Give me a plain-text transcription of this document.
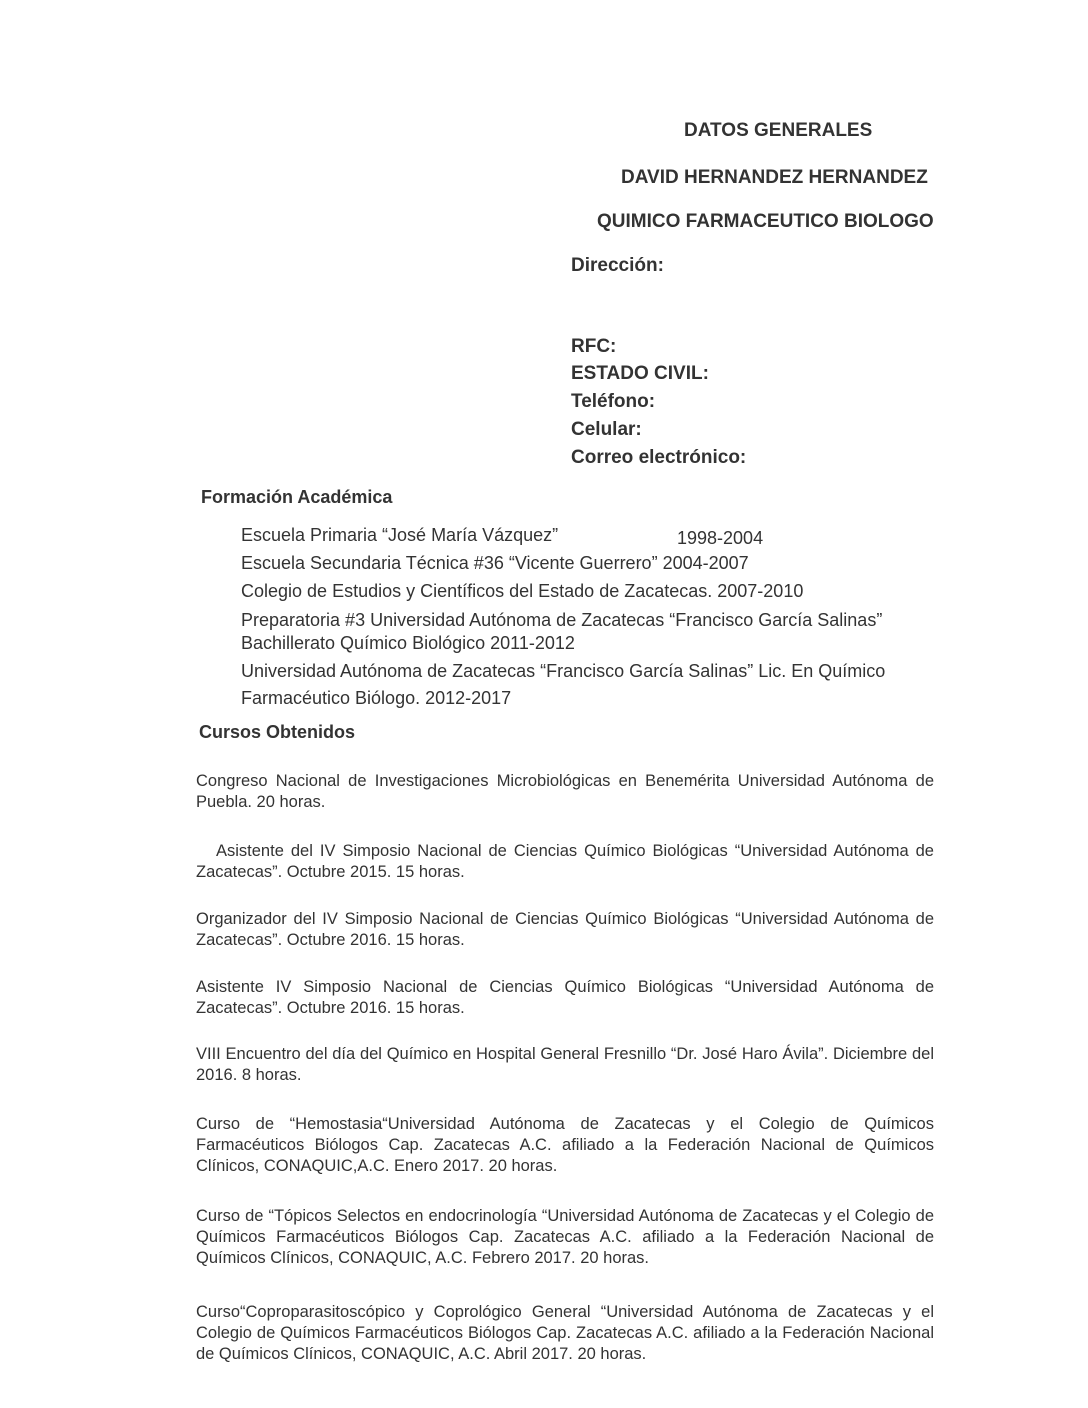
DATOS GENERALES
DAVID HERNANDEZ HERNANDEZ
QUIMICO FARMACEUTICO BIOLOGO
Dirección:
RFC:
ESTADO CIVIL:
Teléfono:
Celular:
Correo electrónico:
Formación Académica
Escuela Primaria “José María Vázquez”	1998-2004
Escuela Secundaria Técnica #36 “Vicente Guerrero” 2004-2007
Colegio de Estudios y Científicos del Estado de Zacatecas. 2007-2010
Preparatoria #3 Universidad Autónoma de Zacatecas “Francisco García Salinas”
Bachillerato Químico Biológico 2011-2012
Universidad Autónoma de Zacatecas “Francisco García Salinas” Lic. En Químico
Farmacéutico Biólogo. 2012-2017
Cursos Obtenidos
Congreso Nacional de Investigaciones Microbiológicas en Benemérita Universidad Autónoma de Puebla. 20 horas.
Asistente del IV Simposio Nacional de Ciencias Químico Biológicas “Universidad Autónoma de Zacatecas”. Octubre 2015. 15 horas.
Organizador del IV Simposio Nacional de Ciencias Químico Biológicas “Universidad Autónoma de Zacatecas”. Octubre 2016. 15 horas.
Asistente IV Simposio Nacional de Ciencias Químico Biológicas “Universidad Autónoma de Zacatecas”. Octubre 2016. 15 horas.
VIII Encuentro del día del Químico en Hospital General Fresnillo “Dr. José Haro Ávila”. Diciembre del 2016. 8 horas.
Curso de “Hemostasia“Universidad Autónoma de Zacatecas y el Colegio de Químicos Farmacéuticos Biólogos Cap. Zacatecas A.C. afiliado a la Federación Nacional de Químicos Clínicos, CONAQUIC,A.C. Enero 2017. 20 horas.
Curso de “Tópicos Selectos en endocrinología “Universidad Autónoma de Zacatecas y el Colegio de Químicos Farmacéuticos Biólogos Cap. Zacatecas A.C. afiliado a la Federación Nacional de Químicos Clínicos, CONAQUIC, A.C. Febrero 2017. 20 horas.
Curso“Coproparasitoscópico y Coprológico General “Universidad Autónoma de Zacatecas y el Colegio de Químicos Farmacéuticos Biólogos Cap. Zacatecas A.C. afiliado a la Federación Nacional de Químicos Clínicos, CONAQUIC, A.C. Abril 2017. 20 horas.
